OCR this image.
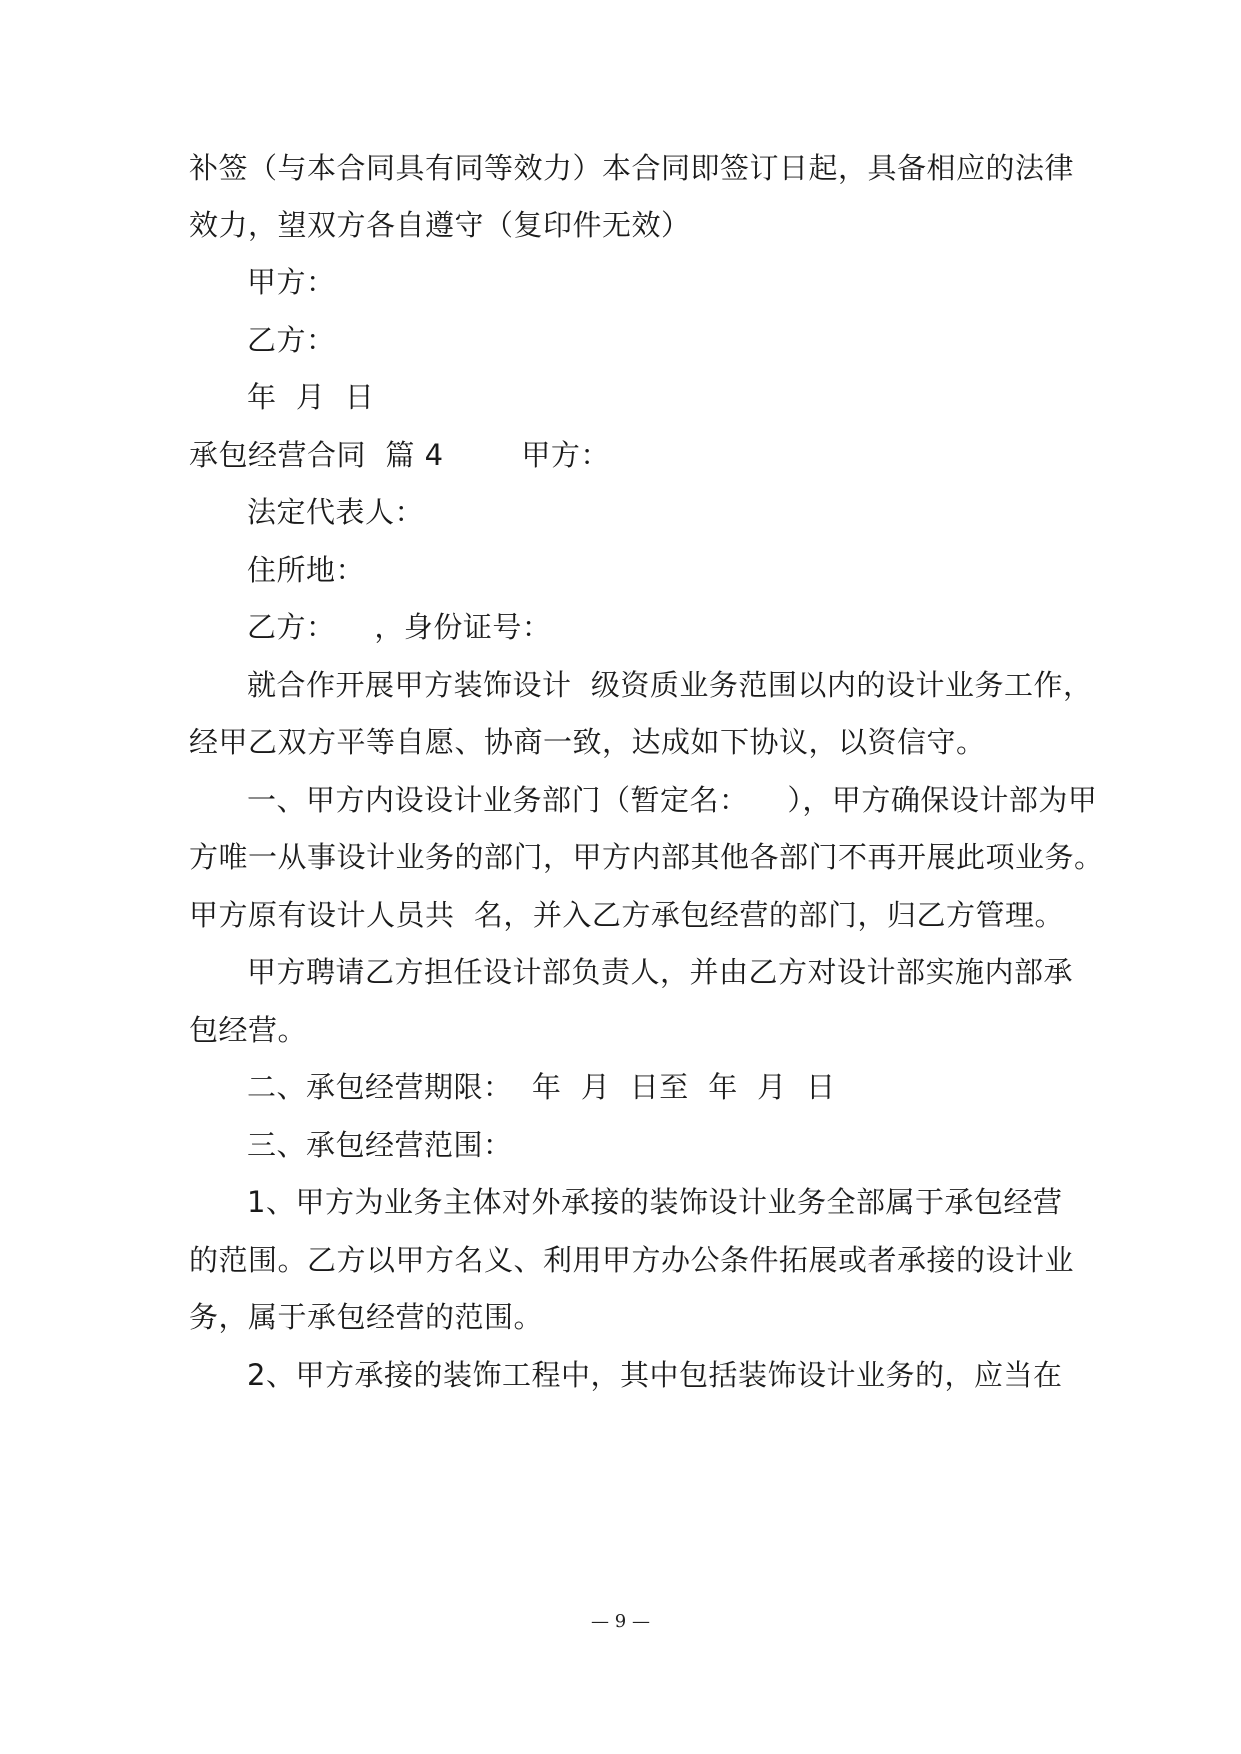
补签（与本合同具有同等效力）本合同即签订日起，具备相应的法律
效力，望双方各自遵守（复印件无效）
甲方：
乙方：
年  月  日
承包经营合同  篇 4        甲方：
法定代表人：
住所地：
乙方：    ，身份证号：
就合作开展甲方装饰设计  级资质业务范围以内的设计业务工作，
经甲乙双方平等自愿、协商一致，达成如下协议，以资信守。
一、甲方内设设计业务部门（暂定名：    ），甲方确保设计部为甲
方唯一从事设计业务的部门，甲方内部其他各部门不再开展此项业务。
甲方原有设计人员共  名，并入乙方承包经营的部门，归乙方管理。
甲方聘请乙方担任设计部负责人，并由乙方对设计部实施内部承
包经营。
二、承包经营期限：  年  月  日至  年  月  日
三、承包经营范围：
1、甲方为业务主体对外承接的装饰设计业务全部属于承包经营
的范围。乙方以甲方名义、利用甲方办公条件拓展或者承接的设计业
务，属于承包经营的范围。
2、甲方承接的装饰工程中，其中包括装饰设计业务的，应当在
— 9 —
